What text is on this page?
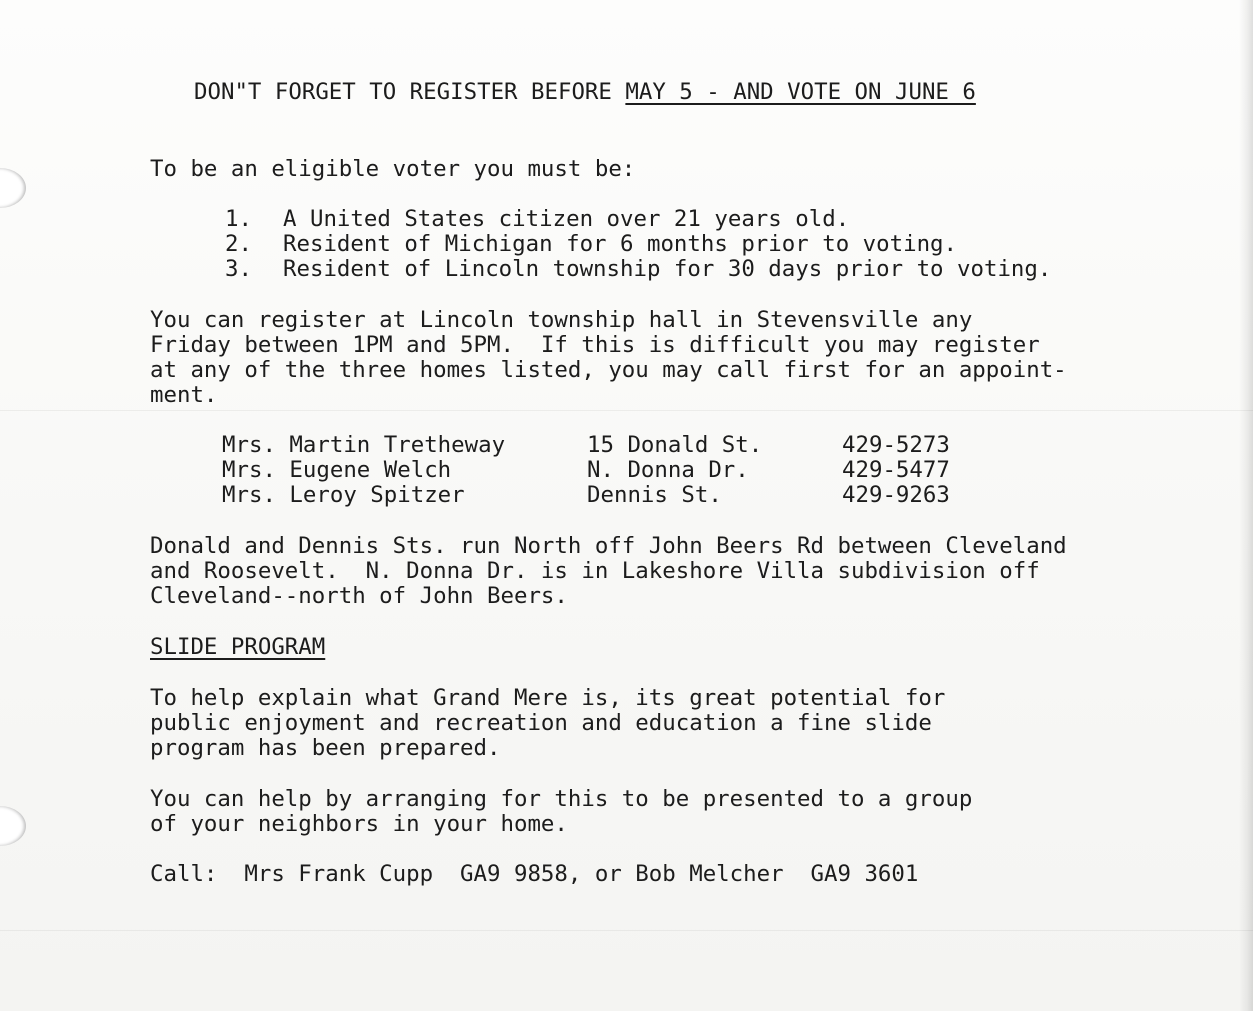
DON"T FORGET TO REGISTER BEFORE MAY 5 - AND VOTE ON JUNE 6
To be an eligible voter you must be:
1. A United States citizen over 21 years old.
2. Resident of Michigan for 6 months prior to voting.
3. Resident of Lincoln township for 30 days prior to voting.
You can register at Lincoln township hall in Stevensville any
Friday between 1PM and 5PM.  If this is difficult you may register
at any of the three homes listed, you may call first for an appoint-
ment.
Mrs. Martin Tretheway	15 Donald St.	429-5273
Mrs. Eugene Welch	N. Donna Dr.	429-5477
Mrs. Leroy Spitzer	Dennis St.	429-9263
Donald and Dennis Sts. run North off John Beers Rd between Cleveland
and Roosevelt.  N. Donna Dr. is in Lakeshore Villa subdivision off
Cleveland--north of John Beers.
SLIDE PROGRAM
To help explain what Grand Mere is, its great potential for
public enjoyment and recreation and education a fine slide
program has been prepared.
You can help by arranging for this to be presented to a group
of your neighbors in your home.
Call:  Mrs Frank Cupp  GA9 9858, or Bob Melcher  GA9 3601
